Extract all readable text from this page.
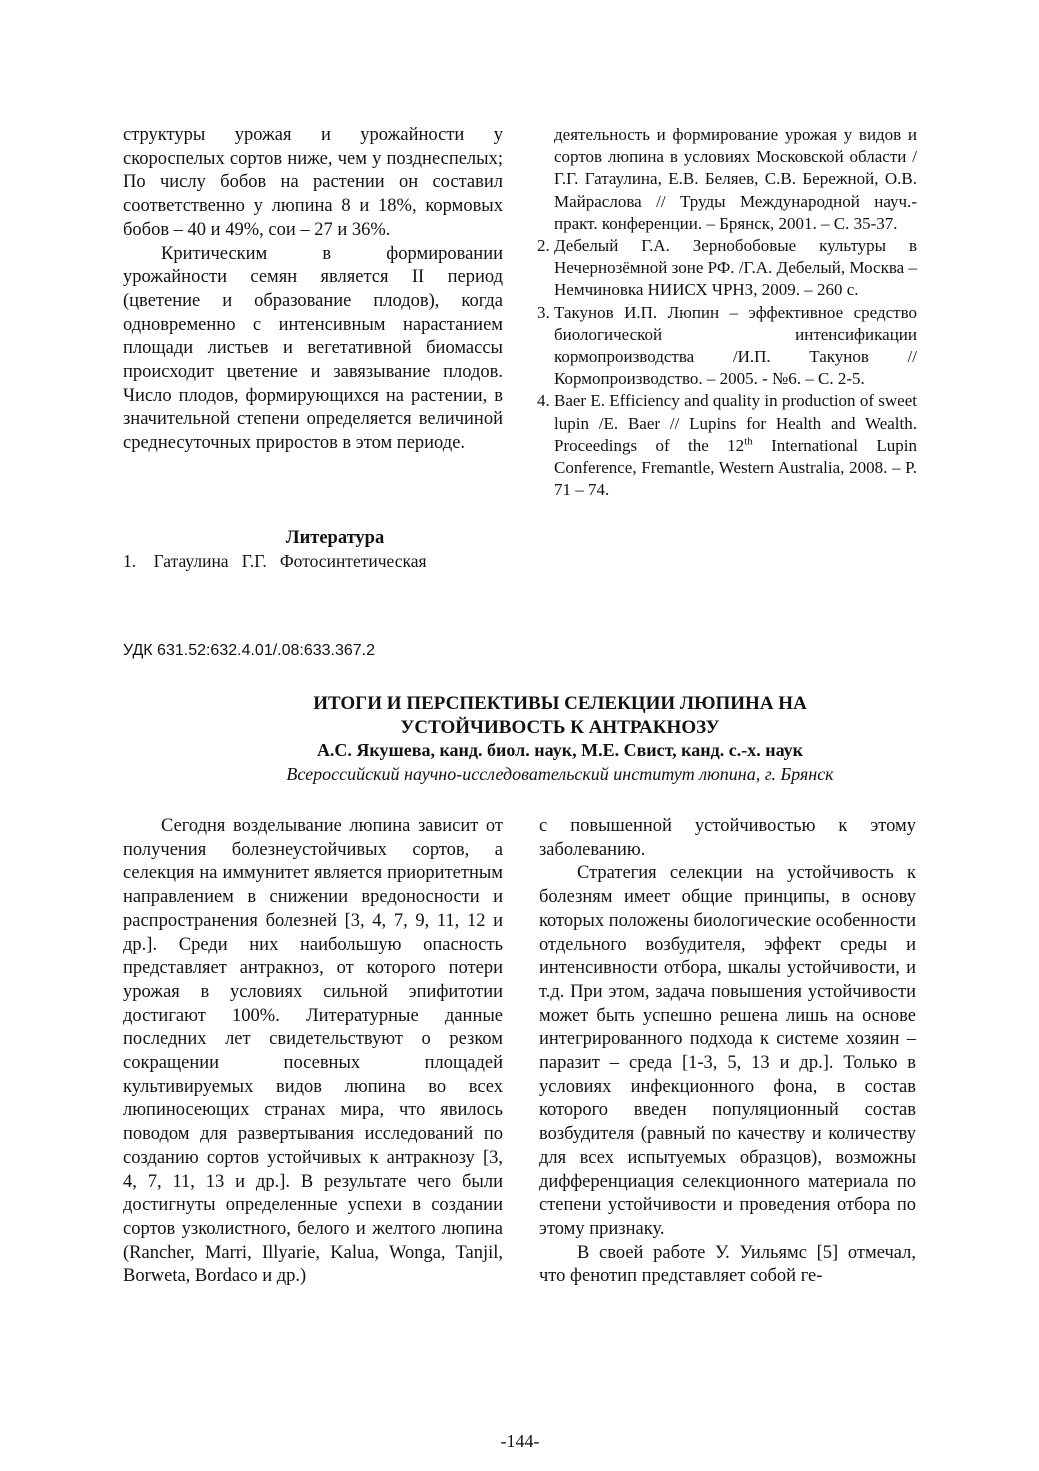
структуры урожая и урожайности у скороспелых сортов ниже, чем у позднеспелых; По числу бобов на растении он составил соответственно у люпина 8 и 18%, кормовых бобов – 40 и 49%, сои – 27 и 36%.

Критическим в формировании урожайности семян является II период (цветение и образование плодов), когда одновременно с интенсивным нарастанием площади листьев и вегетативной биомассы происходит цветение и завязывание плодов. Число плодов, формирующихся на растении, в значительной степени определяется величиной среднесуточных приростов в этом периоде.

Литература
1. Гатаулина   Г.Г.   Фотосинтетическая
деятельность и формирование урожая у видов и сортов люпина в условиях Московской области /Г.Г. Гатаулина, Е.В. Беляев, С.В. Бережной, О.В. Майраслова // Труды Международной науч.-практ. конференции. – Брянск, 2001. – С. 35-37.
2. Дебелый Г.А. Зернобобовые культуры в Нечернозёмной зоне РФ. /Г.А. Дебелый, Москва – Немчиновка НИИСХ ЧРНЗ, 2009. – 260 с.
3. Такунов И.П. Люпин – эффективное средство биологической интенсификации кормопроизводства /И.П. Такунов // Кормопроизводство. – 2005. - №6. – С. 2-5.
4. Baer E. Efficiency and quality in production of sweet lupin /E. Baer // Lupins for Health and Wealth. Proceedings of the 12th International Lupin Conference, Fremantle, Western Australia, 2008. – P. 71 – 74.
УДК 631.52:632.4.01/.08:633.367.2
ИТОГИ И ПЕРСПЕКТИВЫ СЕЛЕКЦИИ ЛЮПИНА НА
УСТОЙЧИВОСТЬ К АНТРАКНОЗУ
А.С. Якушева, канд. биол. наук, М.Е. Свист, канд. с.-х. наук
Всероссийский научно-исследовательский институт люпина, г. Брянск

Сегодня возделывание люпина зависит от получения болезнеустойчивых сортов, а селекция на иммунитет является приоритетным направлением в снижении вредоносности и распространения болезней [3, 4, 7, 9, 11, 12 и др.]. Среди них наибольшую опасность представляет антракноз, от которого потери урожая в условиях сильной эпифитотии достигают 100%. Литературные данные последних лет свидетельствуют о резком сокращении посевных площадей культивируемых видов люпина во всех люпиносеющих странах мира, что явилось поводом для развертывания исследований по созданию сортов устойчивых к антракнозу [3, 4, 7, 11, 13 и др.]. В результате чего были достигнуты определенные успехи в создании сортов узколистного, белого и желтого люпина (Rancher, Marri, Illyarie, Kalua, Wonga, Tanjil, Borweta, Bordaco и др.)

с повышенной устойчивостью к этому заболеванию.

Стратегия селекции на устойчивость к болезням имеет общие принципы, в основу которых положены биологические особенности отдельного возбудителя, эффект среды и интенсивности отбора, шкалы устойчивости, и т.д. При этом, задача повышения устойчивости может быть успешно решена лишь на основе интегрированного подхода к системе хозяин – паразит – среда [1-3, 5, 13 и др.]. Только в условиях инфекционного фона, в состав которого введен популяционный состав возбудителя (равный по качеству и количеству для всех испытуемых образцов), возможны дифференциация селекционного материала по степени устойчивости и проведения отбора по этому признаку.

В своей работе У. Уильямс [5] отмечал, что фенотип представляет собой ге-

-144-
